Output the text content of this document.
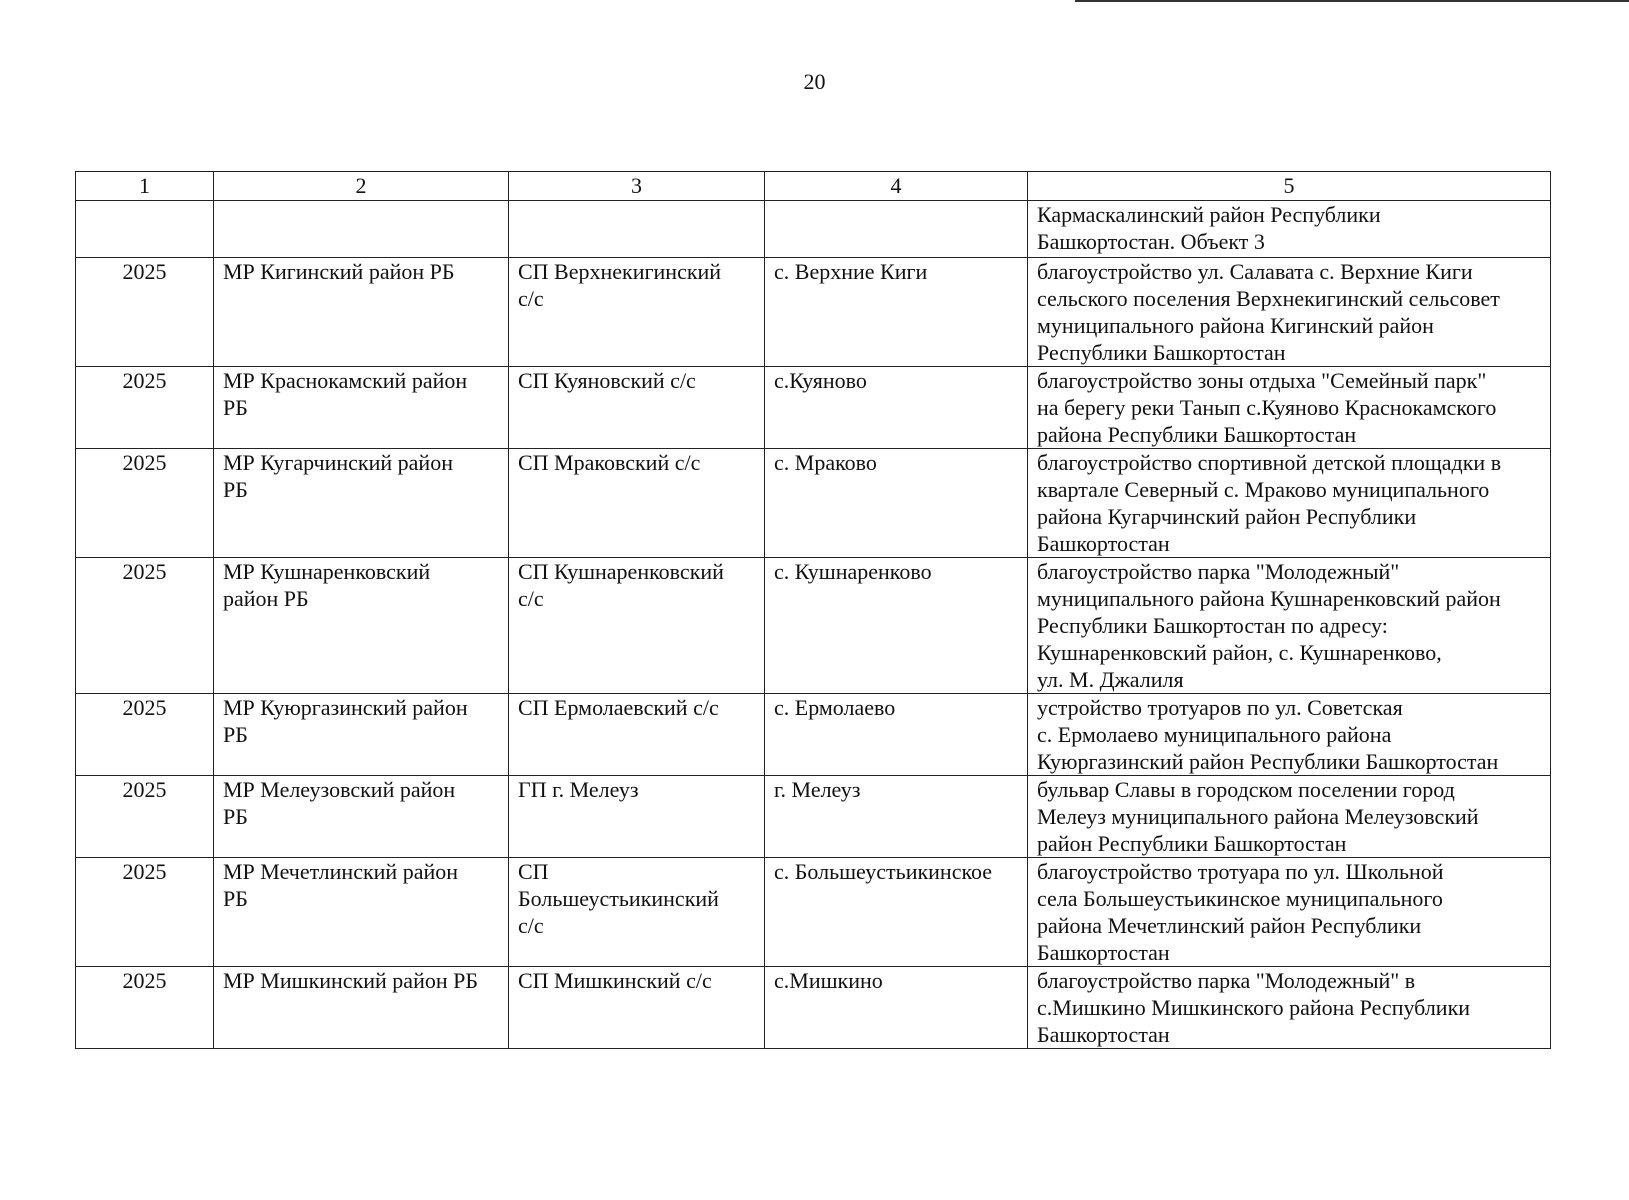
20
1	2	3	4	5

				Кармаскалинский район Республики
Башкортостан. Объект 3

2025	МР Кигинский район РБ	СП Верхнекигинский
с/с	с. Верхние Киги	благоустройство ул. Салавата с. Верхние Киги
сельского поселения Верхнекигинский сельсовет
муниципального района Кигинский район
Республики Башкортостан

2025	МР Краснокамский район
РБ	СП Куяновский с/с	с.Куяново	благоустройство зоны отдыха "Семейный парк"
на берегу реки Танып с.Куяново Краснокамского
района Республики Башкортостан

2025	МР Кугарчинский район
РБ	СП Мраковский с/с	с. Мраково	благоустройство спортивной детской площадки в
квартале Северный с. Мраково муниципального
района Кугарчинский район Республики
Башкортостан

2025	МР Кушнаренковский
район РБ	СП Кушнаренковский
с/с	с. Кушнаренково	благоустройство парка "Молодежный"
муниципального района Кушнаренковский район
Республики Башкортостан по адресу:
Кушнаренковский район, с. Кушнаренково,
ул. М. Джалиля

2025	МР Куюргазинский район
РБ	СП Ермолаевский с/с	с. Ермолаево	устройство тротуаров по ул. Советская
с. Ермолаево муниципального района
Куюргазинский район Республики Башкортостан

2025	МР Мелеузовский район
РБ	ГП г. Мелеуз	г. Мелеуз	бульвар Славы в городском поселении город
Мелеуз муниципального района Мелеузовский
район Республики Башкортостан

2025	МР Мечетлинский район
РБ	СП
Большеустьикинский
с/с	с. Большеустьикинское	благоустройство тротуара по ул. Школьной
села Большеустьикинское муниципального
района Мечетлинский район Республики
Башкортостан

2025	МР Мишкинский район РБ	СП Мишкинский с/с	с.Мишкино	благоустройство парка "Молодежный" в
с.Мишкино Мишкинского района Республики
Башкортостан
